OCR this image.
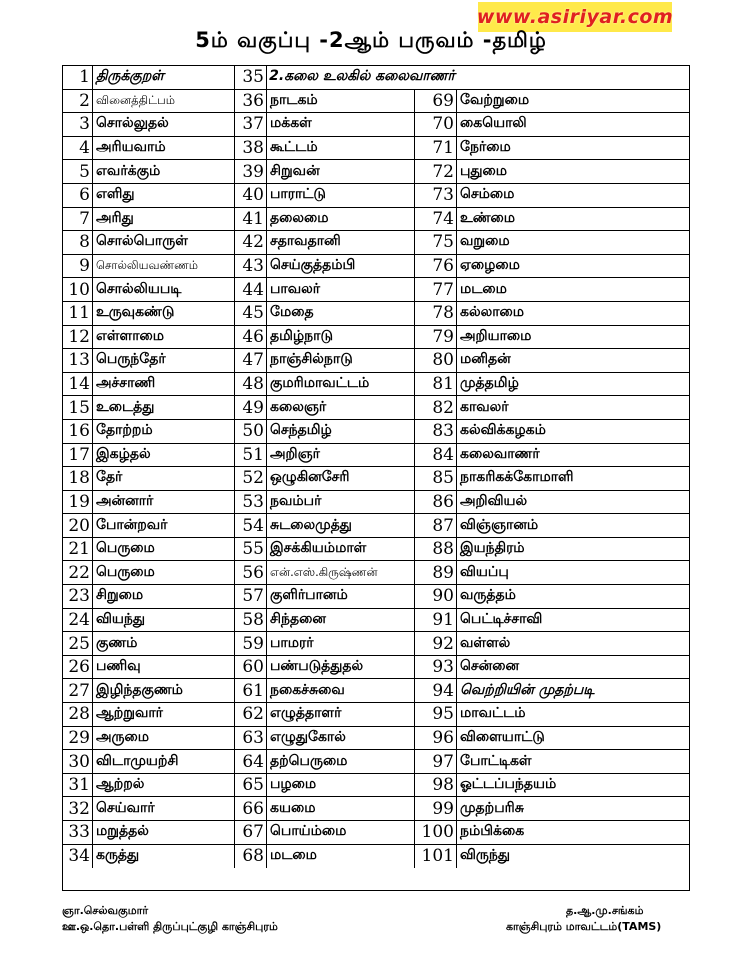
www.asiriyar.com
5ம் வகுப்பு -2ஆம் பருவம் -தமிழ்
1 திருக்குறள்	35 2.கலை உலகில் கலைவாணர்
2 வினைத்திட்பம்	36 நாடகம்	69 வேற்றுமை
3 சொல்லுதல்	37 மக்கள்	70 கையொலி
4 அரியவாம்	38 கூட்டம்	71 நேர்மை
5 எவர்க்கும்	39 சிறுவன்	72 புதுமை
6 எளிது	40 பாராட்டு	73 செம்மை
7 அரிது	41 தலைமை	74 உண்மை
8 சொல்பொருள்	42 சதாவதானி	75 வறுமை
9 சொல்லியவண்ணம்	43 செய்குத்தம்பி	76 ஏழைமை
10 சொல்லியபடி	44 பாவலர்	77 மடமை
11 உருவுகண்டு	45 மேதை	78 கல்லாமை
12 எள்ளாமை	46 தமிழ்நாடு	79 அறியாமை
13 பெருந்தேர்	47 நாஞ்சில்நாடு	80 மனிதன்
14 அச்சாணி	48 குமரிமாவட்டம்	81 முத்தமிழ்
15 உடைத்து	49 கலைஞர்	82 காவலர்
16 தோற்றம்	50 செந்தமிழ்	83 கல்விக்கழகம்
17 இகழ்தல்	51 அறிஞர்	84 கலைவாணர்
18 தேர்	52 ஒழுகினசேரி	85 நாகரிகக்கோமாளி
19 அன்னார்	53 நவம்பர்	86 அறிவியல்
20 போன்றவர்	54 சுடலைமுத்து	87 விஞ்ஞானம்
21 பெருமை	55 இசக்கியம்மாள்	88 இயந்திரம்
22 பெருமை	56 என்.எஸ்.கிருஷ்ணன்	89 வியப்பு
23 சிறுமை	57 குளிர்பானம்	90 வருத்தம்
24 வியந்து	58 சிந்தனை	91 பெட்டிச்சாவி
25 குணம்	59 பாமரர்	92 வள்ளல்
26 பணிவு	60 பண்படுத்துதல்	93 சென்னை
27 இழிந்தகுணம்	61 நகைச்சுவை	94 வெற்றியின் முதற்படி
28 ஆற்றுவார்	62 எழுத்தாளர்	95 மாவட்டம்
29 அருமை	63 எழுதுகோல்	96 விளையாட்டு
30 விடாமுயற்சி	64 தற்பெருமை	97 போட்டிகள்
31 ஆற்றல்	65 பழமை	98 ஓட்டப்பந்தயம்
32 செய்வார்	66 கயமை	99 முதற்பரிசு
33 மறுத்தல்	67 பொய்ம்மை	100 நம்பிக்கை
34 கருத்து	68 மடமை	101 விருந்து
ஞா.செல்வகுமார்
ஊ.ஒ.தொ.பள்ளி திருப்புட்குழி காஞ்சிபுரம்
த.ஆ.மு.சங்கம்
காஞ்சிபுரம் மாவட்டம்(TAMS)
